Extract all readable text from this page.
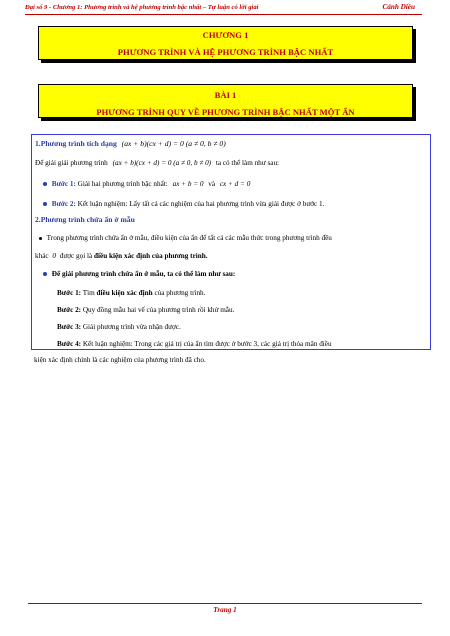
Đại số 9 - Chương 1: Phương trình và hệ phương trình bậc nhất – Tự luận có lời giải	Cánh Diều
CHƯƠNG 1
PHƯƠNG TRÌNH VÀ HỆ PHƯƠNG TRÌNH BẬC NHẤT
BÀI 1
PHƯƠNG TRÌNH QUY VỀ PHƯƠNG TRÌNH BẬC NHẤT MỘT ẨN
1.Phương trình tích dạng (ax + b)(cx + d) = 0 (a ≠ 0, b ≠ 0)
Để giải giải phương trình (ax + b)(cx + d) = 0 (a ≠ 0, b ≠ 0) ta có thể làm như sau:
Bước 1: Giải hai phương trình bậc nhất: ax + b = 0 và cx + d = 0
Bước 2: Kết luận nghiệm: Lấy tất cả các nghiệm của hai phương trình vừa giải được ở bước 1.
2.Phương trình chứa ẩn ở mẫu
Trong phương trình chứa ẩn ở mẫu, điều kiện của ẩn để tất cả các mẫu thức trong phương trình đều
khác 0 được gọi là điều kiện xác định của phương trình.
Để giải phương trình chứa ẩn ở mẫu, ta có thể làm như sau:
Bước 1: Tìm điều kiện xác định của phương trình.
Bước 2: Quy đồng mẫu hai vế của phương trình rồi khử mẫu.
Bước 3: Giải phương trình vừa nhận được.
Bước 4: Kết luận nghiệm: Trong các giá trị của ẩn tìm được ở bước 3, các giá trị thỏa mãn điều
kiện xác định chính là các nghiệm của phương trình đã cho.
Trang 1
